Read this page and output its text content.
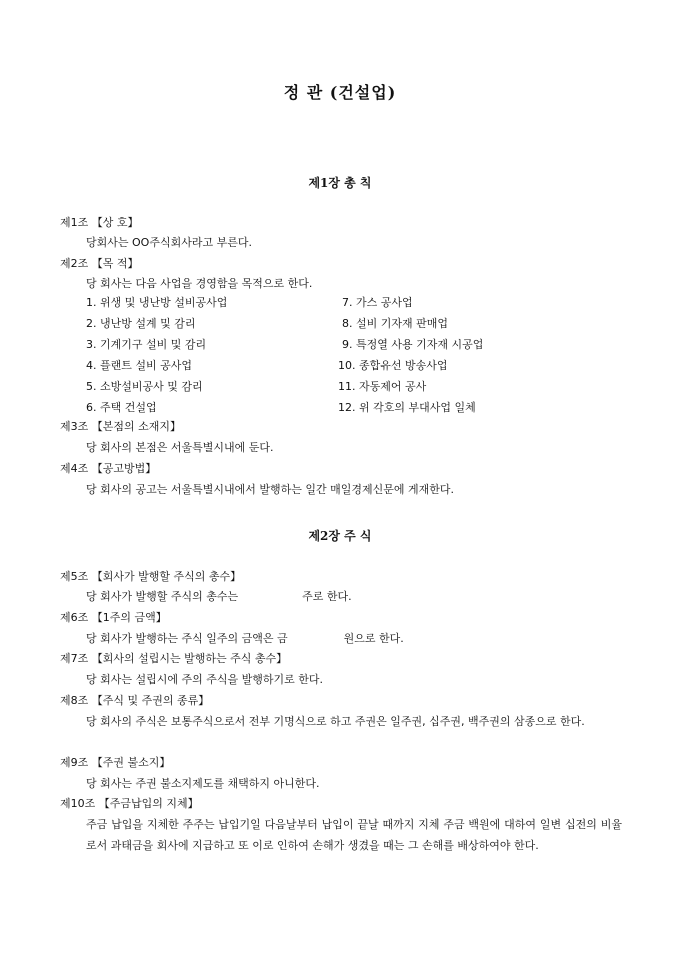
정 관 (건설업)
제1장 총 칙
제1조 【상 호】
당회사는 OO주식회사라고 부른다.
제2조 【목 적】
당 회사는 다음 사업을 경영함을 목적으로 한다.
1. 위생 및 냉난방 설비공사업
2. 냉난방 설계 및 감리
3. 기계기구 설비 및 감리
4. 플랜트 설비 공사업
5. 소방설비공사 및 감리
6. 주택 건설업
7. 가스 공사업
8. 설비 기자재 판매업
9. 특정열 사용 기자재 시공업
10. 종합유선 방송사업
11. 자동제어 공사
12. 위 각호의 부대사업 일체
제3조 【본점의 소재지】
당 회사의 본점은 서울특별시내에 둔다.
제4조 【공고방법】
당 회사의 공고는 서울특별시내에서 발행하는 일간 매일경제신문에 게재한다.
제2장 주 식
제5조 【회사가 발행할 주식의 총수】
당 회사가 발행할 주식의 총수는	주로 한다.
제6조 【1주의 금액】
당 회사가 발행하는 주식 일주의 금액은 금	원으로 한다.
제7조 【회사의 설립시는 발행하는 주식 총수】
당 회사는 설립시에 주의 주식을 발행하기로 한다.
제8조 【주식 및 주권의 종류】
당 회사의 주식은 보통주식으로서 전부 기명식으로 하고 주권은 일주권, 십주권, 백주권의 삼종으로 한다.
제9조 【주권 불소지】
당 회사는 주권 불소지제도를 채택하지 아니한다.
제10조 【주금납입의 지체】
주금 납입을 지체한 주주는 납입기일 다음날부터 납입이 끝날 때까지 지체 주금 백원에 대하여 일변 십전의 비율로서 과태금을 회사에 지급하고 또 이로 인하여 손해가 생겼을 때는 그 손해를 배상하여야 한다.
